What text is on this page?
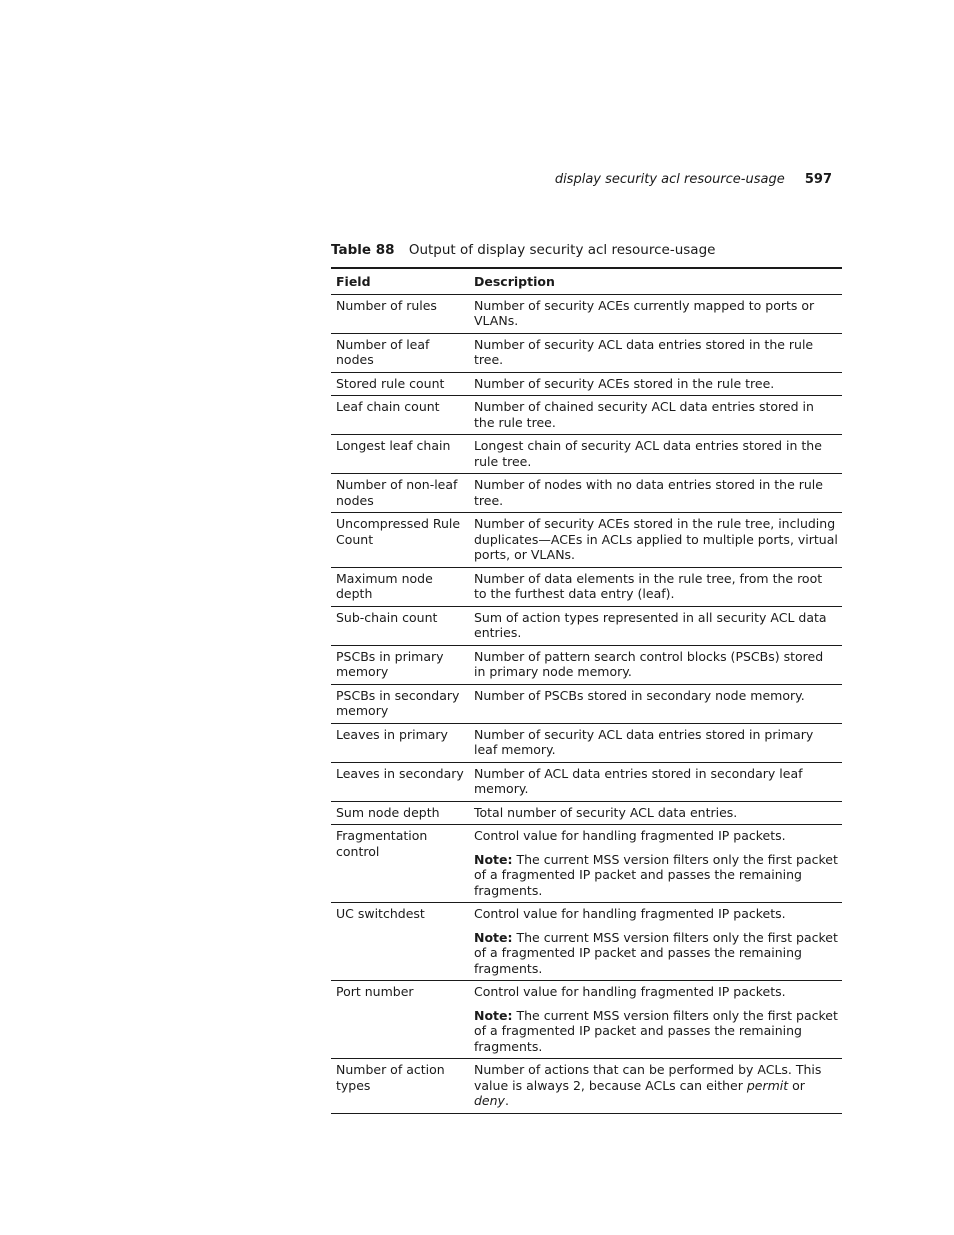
display security acl resource-usage 597
Table 88 Output of display security acl resource-usage
Field	Description
Number of rules	Number of security ACEs currently mapped to ports or VLANs.
Number of leaf nodes	Number of security ACL data entries stored in the rule tree.
Stored rule count	Number of security ACEs stored in the rule tree.
Leaf chain count	Number of chained security ACL data entries stored in the rule tree.
Longest leaf chain	Longest chain of security ACL data entries stored in the rule tree.
Number of non-leaf nodes	Number of nodes with no data entries stored in the rule tree.
Uncompressed Rule Count	Number of security ACEs stored in the rule tree, including duplicates—ACEs in ACLs applied to multiple ports, virtual ports, or VLANs.
Maximum node depth	Number of data elements in the rule tree, from the root to the furthest data entry (leaf).
Sub-chain count	Sum of action types represented in all security ACL data entries.
PSCBs in primary memory	Number of pattern search control blocks (PSCBs) stored in primary node memory.
PSCBs in secondary memory	Number of PSCBs stored in secondary node memory.
Leaves in primary	Number of security ACL data entries stored in primary leaf memory.
Leaves in secondary	Number of ACL data entries stored in secondary leaf memory.
Sum node depth	Total number of security ACL data entries.
Fragmentation control	Control value for handling fragmented IP packets.
Note: The current MSS version filters only the first packet of a fragmented IP packet and passes the remaining fragments.

UC switchdest	Control value for handling fragmented IP packets.
Note: The current MSS version filters only the first packet of a fragmented IP packet and passes the remaining fragments.

Port number	Control value for handling fragmented IP packets.
Note: The current MSS version filters only the first packet of a fragmented IP packet and passes the remaining fragments.

Number of action types	Number of actions that can be performed by ACLs. This value is always 2, because ACLs can either permit or deny.
